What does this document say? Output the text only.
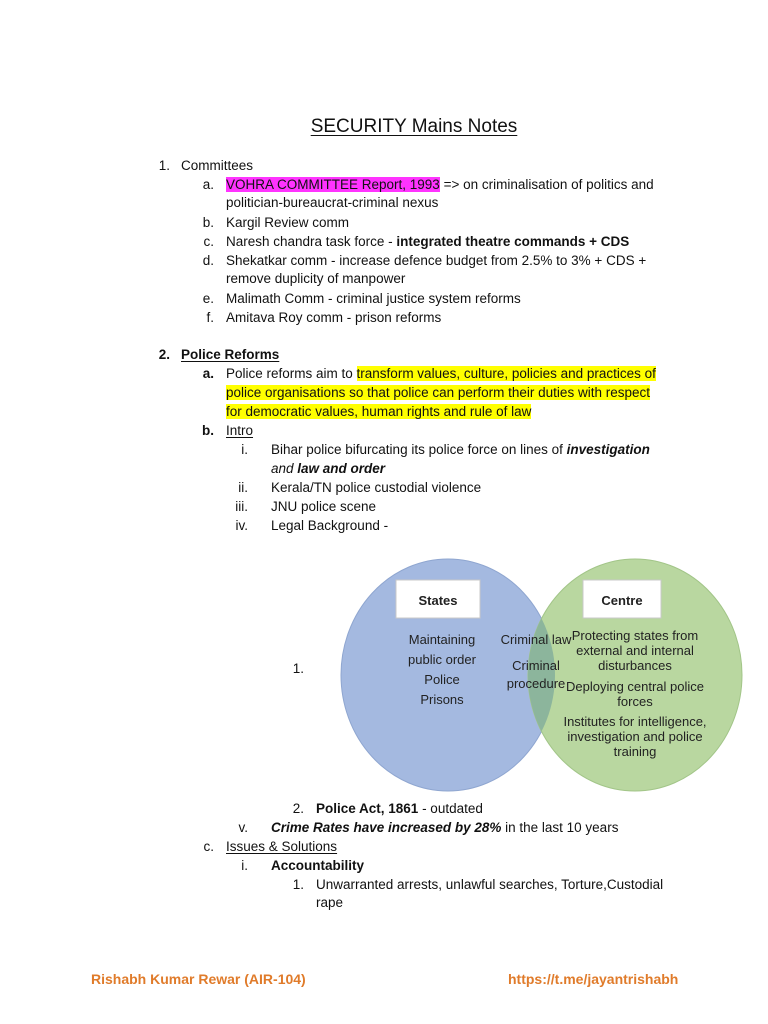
SECURITY Mains Notes
1. Committees
a. VOHRA COMMITTEE Report, 1993 => on criminalisation of politics and
politician-bureaucrat-criminal nexus
b. Kargil Review comm
c. Naresh chandra task force - integrated theatre commands + CDS
d. Shekatkar comm - increase defence budget from 2.5% to 3% + CDS +
remove duplicity of manpower
e. Malimath Comm - criminal justice system reforms
f. Amitava Roy comm - prison reforms
2. Police Reforms
a. Police reforms aim to transform values, culture, policies and practices of
police organisations so that police can perform their duties with respect
for democratic values, human rights and rule of law
b. Intro
i. Bihar police bifurcating its police force on lines of investigation
and law and order
ii. Kerala/TN police custodial violence
iii. JNU police scene
iv. Legal Background -
1.
States
Maintaining
public order
Police
Prisons
Criminal law
Criminal
procedure
Centre
Protecting states from
external and internal
disturbances
Deploying central police
forces
Institutes for intelligence,
investigation and police
training
2. Police Act, 1861 - outdated
v. Crime Rates have increased by 28% in the last 10 years
c. Issues & Solutions
i. Accountability
1. Unwarranted arrests, unlawful searches, Torture,Custodial
rape
Rishabh Kumar Rewar (AIR-104)	https://t.me/jayantrishabh
